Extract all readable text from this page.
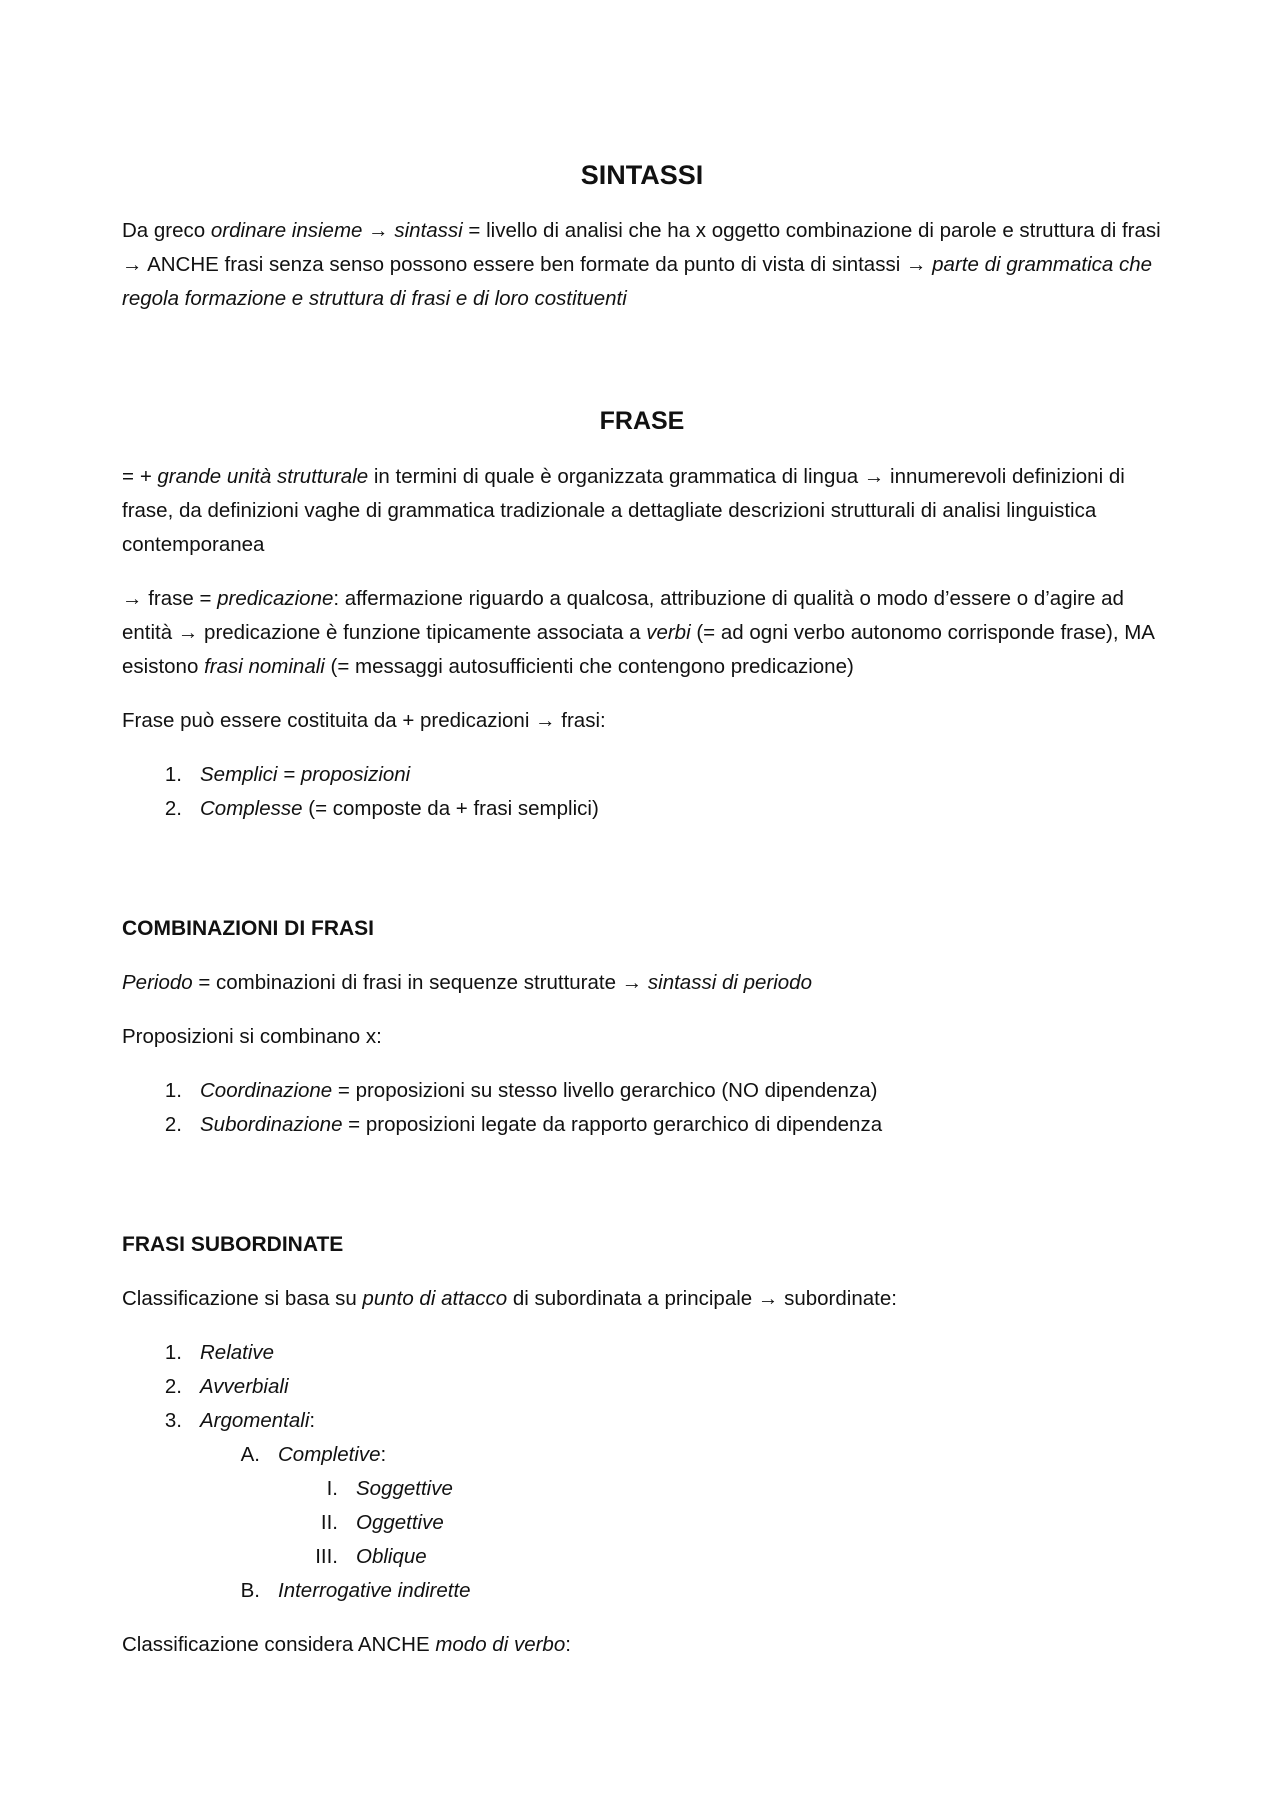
SINTASSI

Da greco ordinare insieme → sintassi = livello di analisi che ha x oggetto combinazione di parole e struttura di frasi → ANCHE frasi senza senso possono essere ben formate da punto di vista di sintassi → parte di grammatica che regola formazione e struttura di frasi e di loro costituenti

FRASE

= + grande unità strutturale in termini di quale è organizzata grammatica di lingua → innumerevoli definizioni di frase, da definizioni vaghe di grammatica tradizionale a dettagliate descrizioni strutturali di analisi linguistica contemporanea

→ frase = predicazione: affermazione riguardo a qualcosa, attribuzione di qualità o modo d’essere o d’agire ad entità → predicazione è funzione tipicamente associata a verbi (= ad ogni verbo autonomo corrisponde frase), MA esistono frasi nominali (= messaggi autosufficienti che contengono predicazione)

Frase può essere costituita da + predicazioni → frasi:

1. Semplici = proposizioni
2. Complesse (= composte da + frasi semplici)
COMBINAZIONI DI FRASI

Periodo = combinazioni di frasi in sequenze strutturate → sintassi di periodo

Proposizioni si combinano x:

1. Coordinazione = proposizioni su stesso livello gerarchico (NO dipendenza)
2. Subordinazione = proposizioni legate da rapporto gerarchico di dipendenza
FRASI SUBORDINATE

Classificazione si basa su punto di attacco di subordinata a principale → subordinate:

1. Relative
2. Avverbiali
3. Argomentali:
A. Completive:
I. Soggettive
II. Oggettive
III. Oblique
B. Interrogative indirette

Classificazione considera ANCHE modo di verbo:
